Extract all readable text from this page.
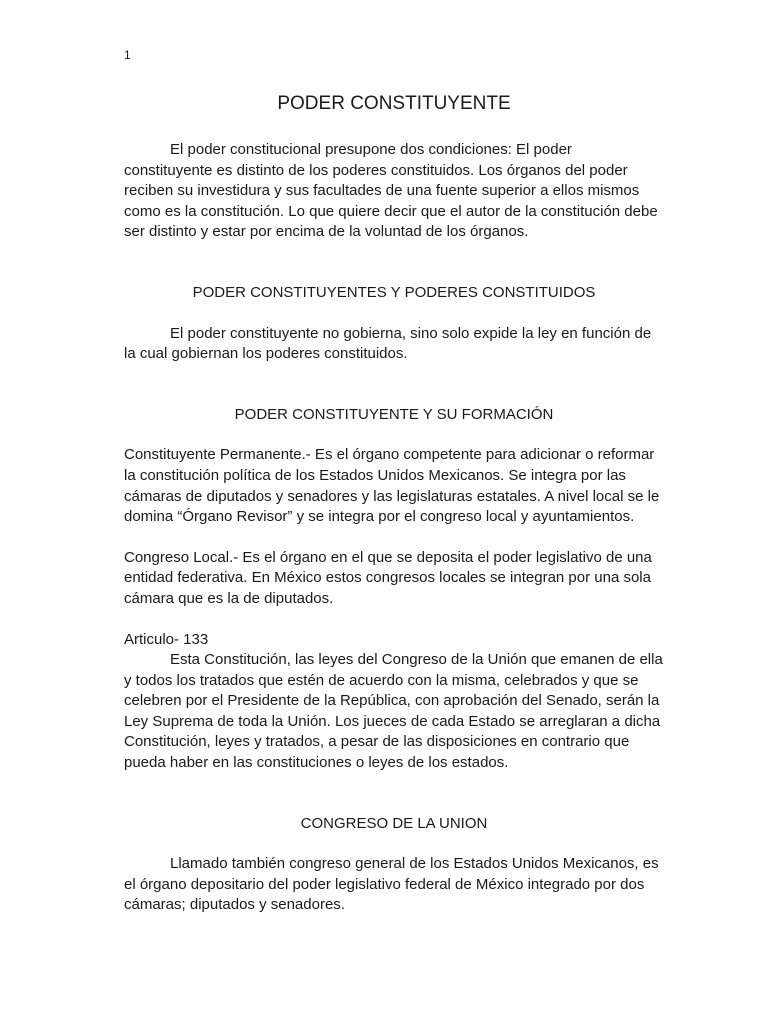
1
PODER CONSTITUYENTE

El poder constitucional presupone dos condiciones: El poder constituyente es distinto de los poderes constituidos. Los órganos del poder reciben su investidura y sus facultades de una fuente superior a ellos mismos como es la constitución. Lo que quiere decir que el autor de la constitución debe ser distinto y estar por encima de la voluntad de los órganos.

PODER CONSTITUYENTES Y PODERES CONSTITUIDOS

El poder constituyente no gobierna, sino solo expide la ley en función de la cual gobiernan los poderes constituidos.

PODER CONSTITUYENTE Y SU FORMACIÓN

Constituyente Permanente.- Es el órgano competente para adicionar o reformar la constitución política de los Estados Unidos Mexicanos. Se integra por las cámaras de diputados y senadores y las legislaturas estatales. A nivel local se le domina “Órgano Revisor” y se integra por el congreso local y ayuntamientos.

Congreso Local.- Es el órgano en el que se deposita el poder legislativo de una entidad federativa. En México estos congresos locales se integran por una sola cámara que es la de diputados.

Articulo- 133

Esta Constitución, las leyes del Congreso de la Unión que emanen de ella y todos los tratados que estén de acuerdo con la misma, celebrados y que se celebren por el Presidente de la República, con aprobación del Senado, serán la Ley Suprema de toda la Unión. Los jueces de cada Estado se arreglaran a dicha Constitución, leyes y tratados, a pesar de las disposiciones en contrario que pueda haber en las constituciones o leyes de los estados.

CONGRESO DE LA UNION

Llamado también congreso general de los Estados Unidos Mexicanos, es el órgano depositario del poder legislativo federal de México integrado por dos cámaras; diputados y senadores.
